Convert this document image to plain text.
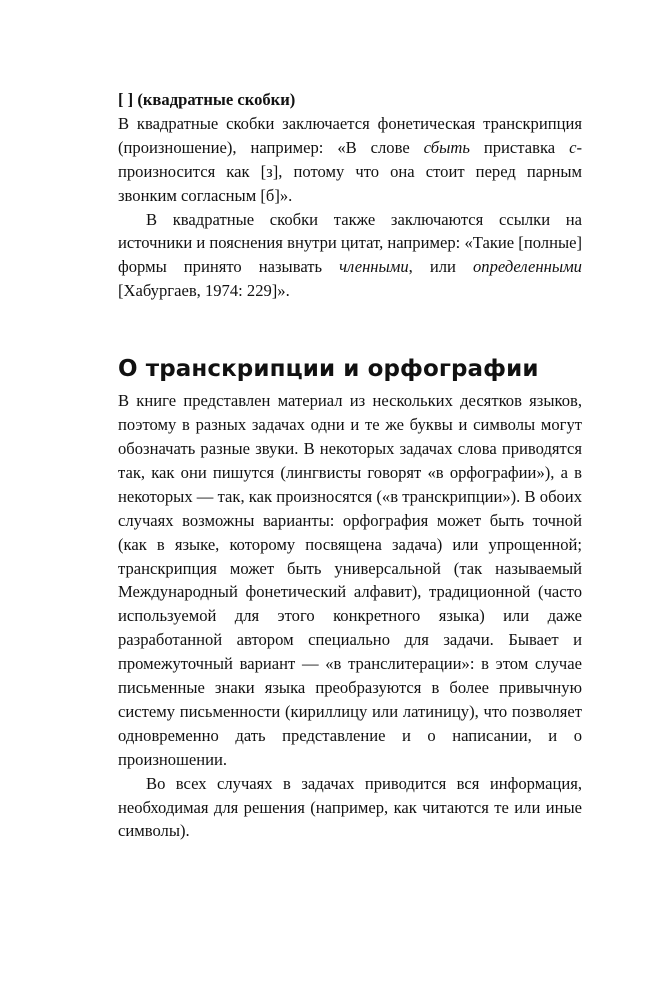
[ ] (квадратные скобки)

В квадратные скобки заключается фонетическая транскрипция (произношение), например: «В слове сбыть приставка с- произносится как [з], потому что она стоит перед парным звонким согласным [б]».

В квадратные скобки также заключаются ссылки на источники и пояснения внутри цитат, например: «Такие [полные] формы принято называть членными, или определенными [Хабургаев, 1974: 229]».

О транскрипции и орфографии

В книге представлен материал из нескольких десятков языков, поэтому в разных задачах одни и те же буквы и символы могут обозначать разные звуки. В некоторых задачах слова приводятся так, как они пишутся (лингвисты говорят «в орфографии»), а в некоторых — так, как произносятся («в транскрипции»). В обоих случаях возможны варианты: орфография может быть точной (как в языке, которому посвящена задача) или упрощенной; транскрипция может быть универсальной (так называемый Международный фонетический алфавит), традиционной (часто используемой для этого конкретного языка) или даже разработанной автором специально для задачи. Бывает и промежуточный вариант — «в транслитерации»: в этом случае письменные знаки языка преобразуются в более привычную систему письменности (кириллицу или латиницу), что позволяет одновременно дать представление и о написании, и о произношении.

Во всех случаях в задачах приводится вся информация, необходимая для решения (например, как читаются те или иные символы).
